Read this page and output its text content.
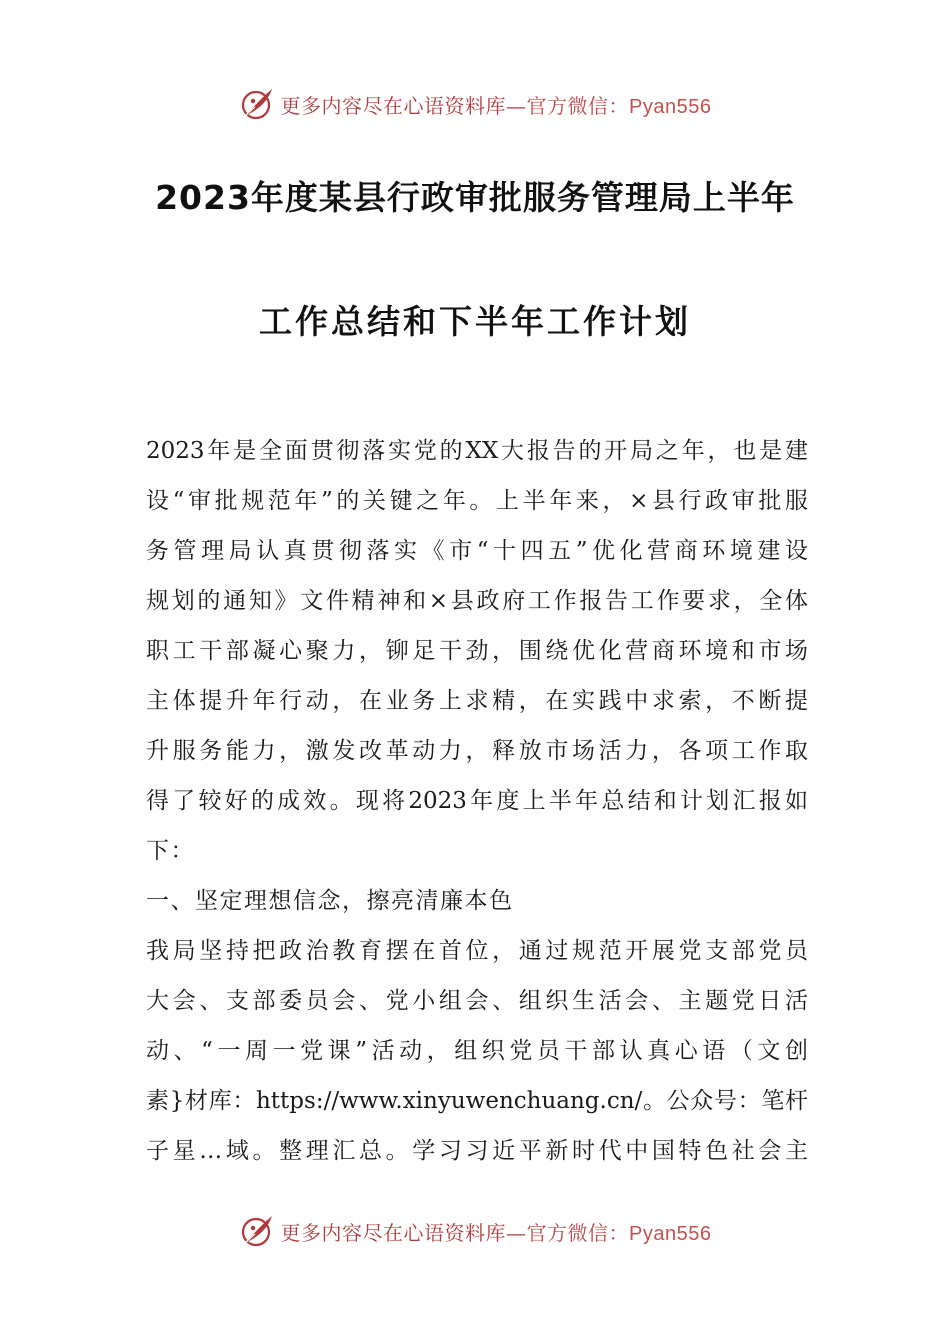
更多内容尽在心语资料库—官方微信：Pyan556
2023年度某县行政审批服务管理局上半年
工作总结和下半年工作计划
2023年是全面贯彻落实党的XX大报告的开局之年，也是建
设“审批规范年”的关键之年。上半年来，×县行政审批服
务管理局认真贯彻落实《市“十四五”优化营商环境建设
规划的通知》文件精神和×县政府工作报告工作要求，全体
职工干部凝心聚力，铆足干劲，围绕优化营商环境和市场
主体提升年行动，在业务上求精，在实践中求索，不断提
升服务能力，激发改革动力，释放市场活力，各项工作取
得了较好的成效。现将2023年度上半年总结和计划汇报如
下：
一、坚定理想信念，擦亮清廉本色
我局坚持把政治教育摆在首位，通过规范开展党支部党员
大会、支部委员会、党小组会、组织生活会、主题党日活
动、“一周一党课”活动，组织党员干部认真心语（文创
素}材库：https://www.xinyuwenchuang.cn/。公众号：笔杆
子星…域。整理汇总。学习习近平新时代中国特色社会主
更多内容尽在心语资料库—官方微信：Pyan556
